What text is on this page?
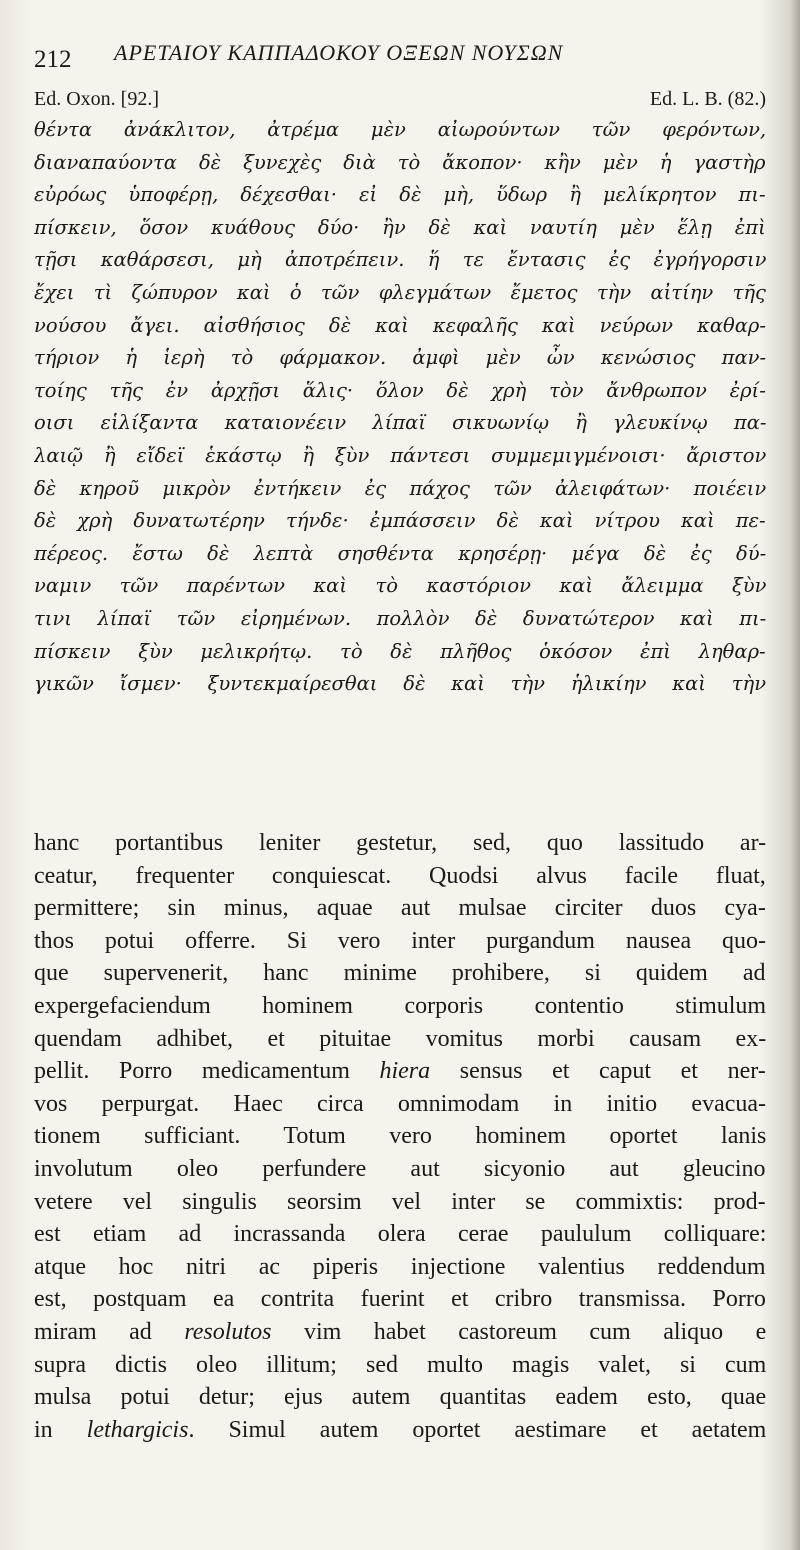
212 ΑΡΕΤΑΙΟΥ ΚΑΠΠΑΔΟΚΟΥ ΟΞΕΩΝ ΝΟΥΣΩΝ
Ed. Oxon. [92.]	Ed. L. B. (82.)
θέντα ἀνάκλιτον, ἀτρέμα μὲν αἰωρούντων τῶν φερόντων,
διαναπαύοντα δὲ ξυνεχὲς διὰ τὸ ἄκοπον· κἢν μὲν ἡ γαστὴρ
εὐρόως ὑποφέρῃ, δέχεσθαι· εἰ δὲ μὴ, ὕδωρ ἢ μελίκρητον πι-
πίσκειν, ὅσον κυάθους δύο· ἢν δὲ καὶ ναυτίη μὲν ἕλῃ ἐπὶ
τῇσι καθάρσεσι, μὴ ἀποτρέπειν. ἥ τε ἔντασις ἐς ἐγρήγορσιν
ἔχει τὶ ζώπυρον καὶ ὁ τῶν φλεγμάτων ἔμετος τὴν αἰτίην τῆς
νούσου ἄγει. αἰσθήσιος δὲ καὶ κεφαλῆς καὶ νεύρων καθαρ-
τήριον ἡ ἱερὴ τὸ φάρμακον. ἀμφὶ μὲν ὦν κενώσιος παν-
τοίης τῆς ἐν ἀρχῇσι ἅλις· ὅλον δὲ χρὴ τὸν ἄνθρωπον ἐρί-
οισι εἱλίξαντα καταιονέειν λίπαϊ σικυωνίῳ ἢ γλευκίνῳ πα-
λαιῷ ἢ εἴδεϊ ἑκάστῳ ἢ ξὺν πάντεσι συμμεμιγμένοισι· ἄριστον
δὲ κηροῦ μικρὸν ἐντήκειν ἐς πάχος τῶν ἀλειφάτων· ποιέειν
δὲ χρὴ δυνατωτέρην τήνδε· ἐμπάσσειν δὲ καὶ νίτρου καὶ πε-
πέρεος. ἔστω δὲ λεπτὰ σησθέντα κρησέρῃ· μέγα δὲ ἐς δύ-
ναμιν τῶν παρέντων καὶ τὸ καστόριον καὶ ἄλειμμα ξὺν
τινι λίπαϊ τῶν εἰρημένων. πολλὸν δὲ δυνατώτερον καὶ πι-
πίσκειν ξὺν μελικρήτῳ. τὸ δὲ πλῆθος ὁκόσον ἐπὶ ληθαρ-
γικῶν ἴσμεν· ξυντεκμαίρεσθαι δὲ καὶ τὴν ἡλικίην καὶ τὴν
hanc portantibus leniter gestetur, sed, quo lassitudo ar-
ceatur, frequenter conquiescat. Quodsi alvus facile fluat,
permittere; sin minus, aquae aut mulsae circiter duos cya-
thos potui offerre. Si vero inter purgandum nausea quo-
que supervenerit, hanc minime prohibere, si quidem ad
expergefaciendum hominem corporis contentio stimulum
quendam adhibet, et pituitae vomitus morbi causam ex-
pellit. Porro medicamentum hiera sensus et caput et ner-
vos perpurgat. Haec circa omnimodam in initio evacua-
tionem sufficiant. Totum vero hominem oportet lanis
involutum oleo perfundere aut sicyonio aut gleucino
vetere vel singulis seorsim vel inter se commixtis: prod-
est etiam ad incrassanda olera cerae paululum colliquare:
atque hoc nitri ac piperis injectione valentius reddendum
est, postquam ea contrita fuerint et cribro transmissa. Porro
miram ad resolutos vim habet castoreum cum aliquo e
supra dictis oleo illitum; sed multo magis valet, si cum
mulsa potui detur; ejus autem quantitas eadem esto, quae
in lethargicis. Simul autem oportet aestimare et aetatem
